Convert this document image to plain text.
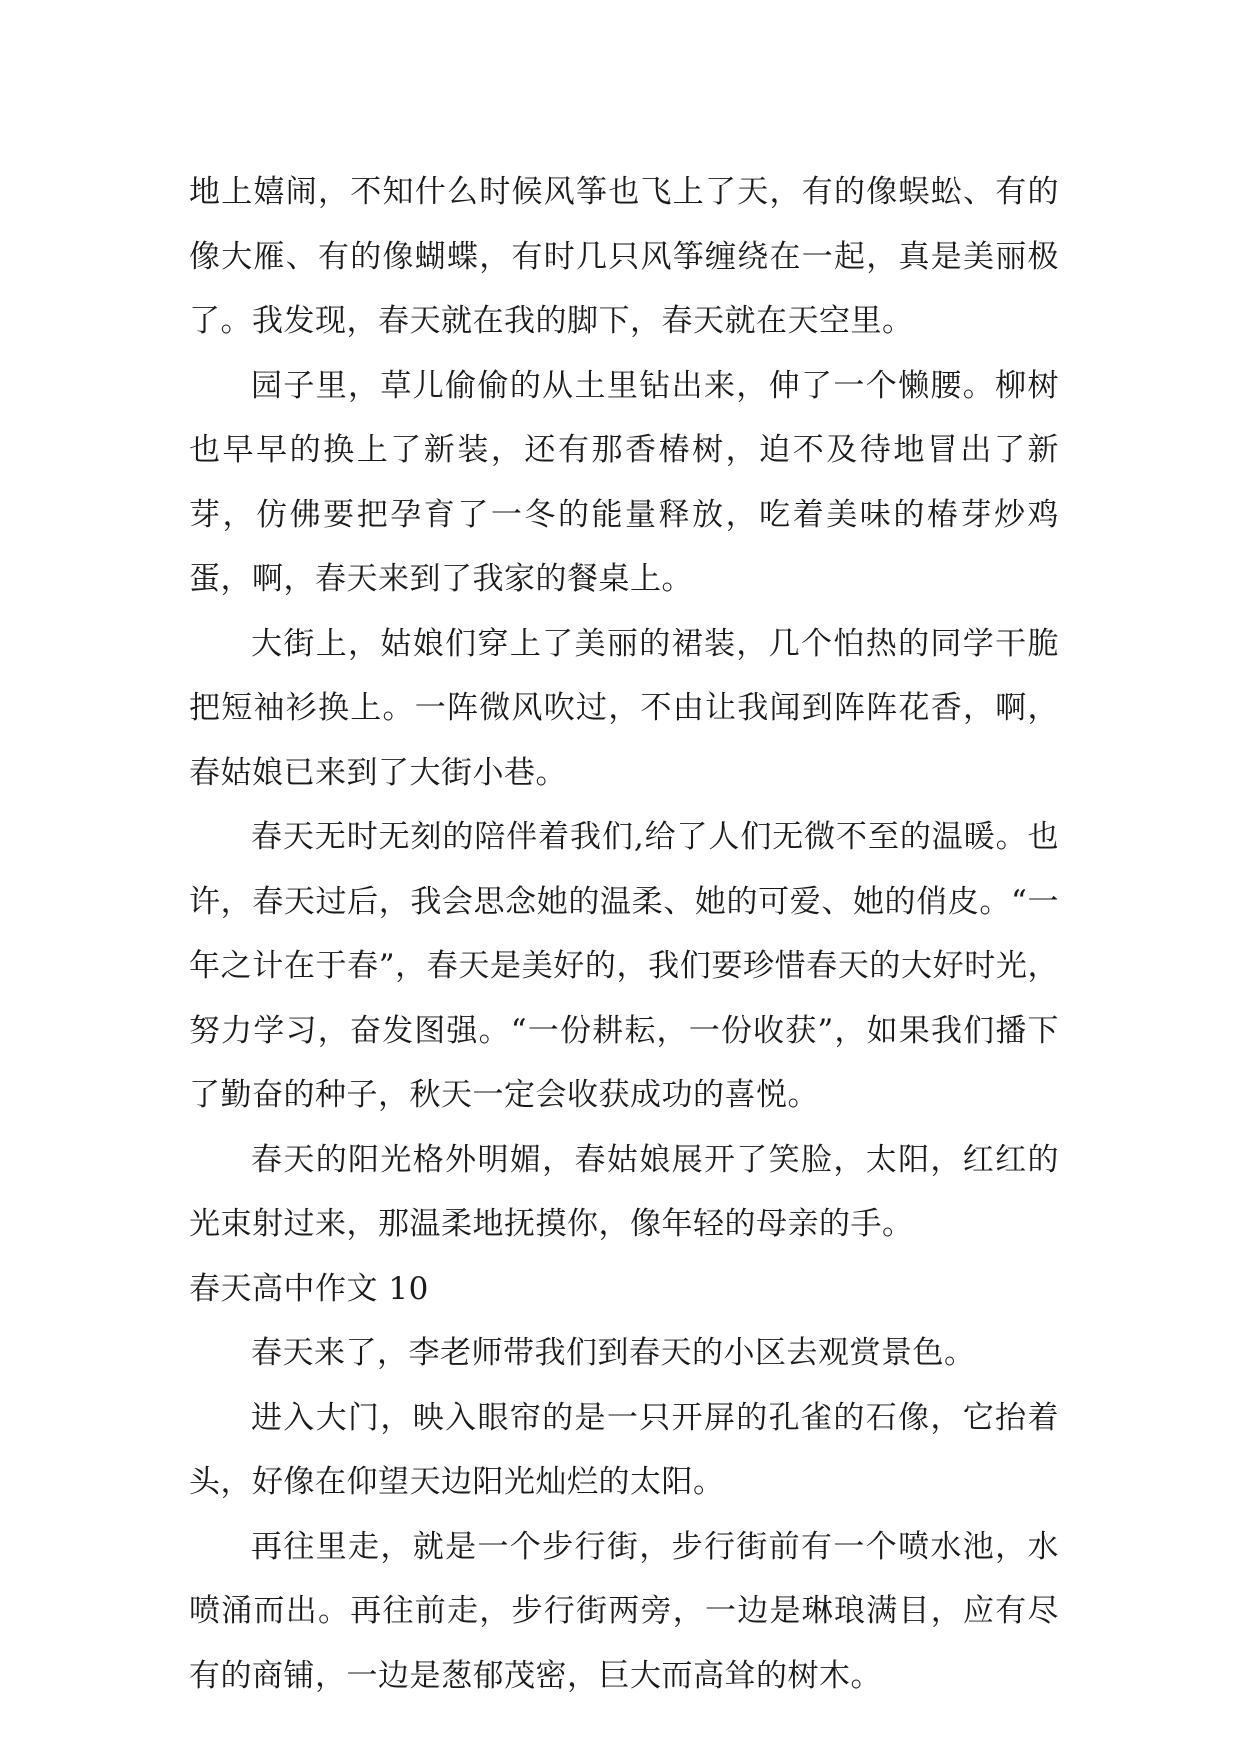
地上嬉闹，不知什么时候风筝也飞上了天，有的像蜈蚣、有的像大雁、有的像蝴蝶，有时几只风筝缠绕在一起，真是美丽极了。我发现，春天就在我的脚下，春天就在天空里。

园子里，草儿偷偷的从土里钻出来，伸了一个懒腰。柳树也早早的换上了新装，还有那香椿树，迫不及待地冒出了新芽，仿佛要把孕育了一冬的能量释放，吃着美味的椿芽炒鸡蛋，啊，春天来到了我家的餐桌上。

大街上，姑娘们穿上了美丽的裙装，几个怕热的同学干脆把短袖衫换上。一阵微风吹过，不由让我闻到阵阵花香，啊，春姑娘已来到了大街小巷。

春天无时无刻的陪伴着我们,给了人们无微不至的温暖。也许，春天过后，我会思念她的温柔、她的可爱、她的俏皮。“一年之计在于春”，春天是美好的，我们要珍惜春天的大好时光，努力学习，奋发图强。“一份耕耘，一份收获”，如果我们播下了勤奋的种子，秋天一定会收获成功的喜悦。

春天的阳光格外明媚，春姑娘展开了笑脸，太阳，红红的光束射过来，那温柔地抚摸你，像年轻的母亲的手。

春天高中作文 10

春天来了，李老师带我们到春天的小区去观赏景色。

进入大门，映入眼帘的是一只开屏的孔雀的石像，它抬着头，好像在仰望天边阳光灿烂的太阳。

再往里走，就是一个步行街，步行街前有一个喷水池，水喷涌而出。再往前走，步行街两旁，一边是琳琅满目，应有尽有的商铺，一边是葱郁茂密，巨大而高耸的树木。
